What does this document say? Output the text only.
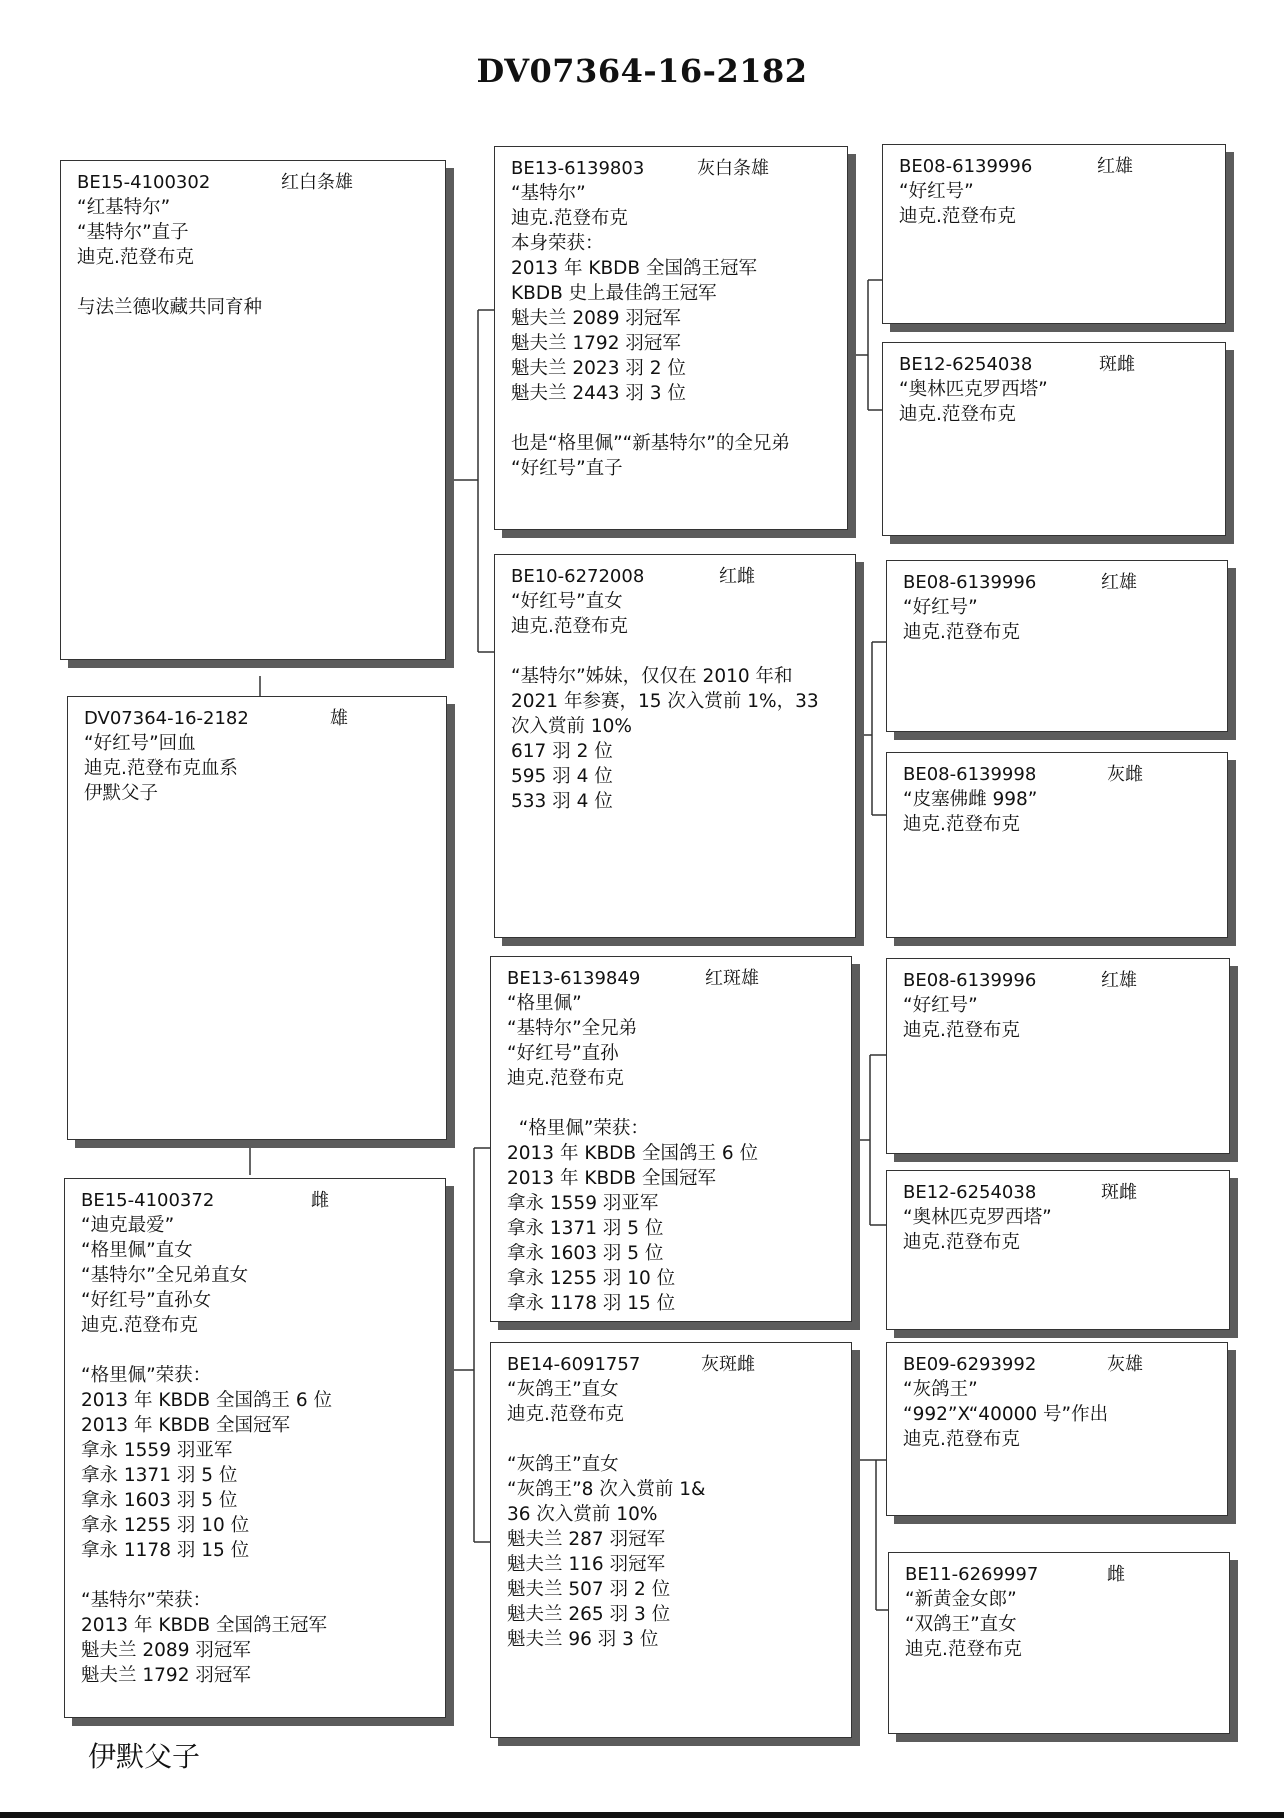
DV07364-16-2182
BE15-4100302	红白条雄
“红基特尔”
“基特尔”直子
迪克.范登布克
与法兰德收藏共同育种
DV07364-16-2182	雄
“好红号”回血
迪克.范登布克血系
伊默父子
BE15-4100372	雌
“迪克最爱”
“格里佩”直女
“基特尔”全兄弟直女
“好红号”直孙女
迪克.范登布克
“格里佩”荣获：
2013 年 KBDB 全国鸽王 6 位
2013 年 KBDB 全国冠军
拿永 1559 羽亚军
拿永 1371 羽 5 位
拿永 1603 羽 5 位
拿永 1255 羽 10 位
拿永 1178 羽 15 位
“基特尔”荣获：
2013 年 KBDB 全国鸽王冠军
魁夫兰 2089 羽冠军
魁夫兰 1792 羽冠军
BE13-6139803	灰白条雄
“基特尔”
迪克.范登布克
本身荣获：
2013 年 KBDB 全国鸽王冠军
KBDB 史上最佳鸽王冠军
魁夫兰 2089 羽冠军
魁夫兰 1792 羽冠军
魁夫兰 2023 羽 2 位
魁夫兰 2443 羽 3 位
也是“格里佩”“新基特尔”的全兄弟
“好红号”直子
BE10-6272008	红雌
“好红号”直女
迪克.范登布克
“基特尔”姊妹，仅仅在 2010 年和
2021 年参赛，15 次入赏前 1%，33
次入赏前 10%
617 羽 2 位
595 羽 4 位
533 羽 4 位
BE13-6139849	红斑雄
“格里佩”
“基特尔”全兄弟
“好红号”直孙
迪克.范登布克
“格里佩”荣获：
2013 年 KBDB 全国鸽王 6 位
2013 年 KBDB 全国冠军
拿永 1559 羽亚军
拿永 1371 羽 5 位
拿永 1603 羽 5 位
拿永 1255 羽 10 位
拿永 1178 羽 15 位
BE14-6091757	灰斑雌
“灰鸽王”直女
迪克.范登布克
“灰鸽王”直女
“灰鸽王”8 次入赏前 1&
36 次入赏前 10%
魁夫兰 287 羽冠军
魁夫兰 116 羽冠军
魁夫兰 507 羽 2 位
魁夫兰 265 羽 3 位
魁夫兰 96 羽 3 位
BE08-6139996	红雄
“好红号”
迪克.范登布克
BE12-6254038	斑雌
“奥林匹克罗西塔”
迪克.范登布克
BE08-6139996	红雄
“好红号”
迪克.范登布克
BE08-6139998	灰雌
“皮塞佛雌 998”
迪克.范登布克
BE08-6139996	红雄
“好红号”
迪克.范登布克
BE12-6254038	斑雌
“奥林匹克罗西塔”
迪克.范登布克
BE09-6293992	灰雄
“灰鸽王”
“992”X“40000 号”作出
迪克.范登布克
BE11-6269997	雌
“新黄金女郎”
“双鸽王”直女
迪克.范登布克
伊默父子
